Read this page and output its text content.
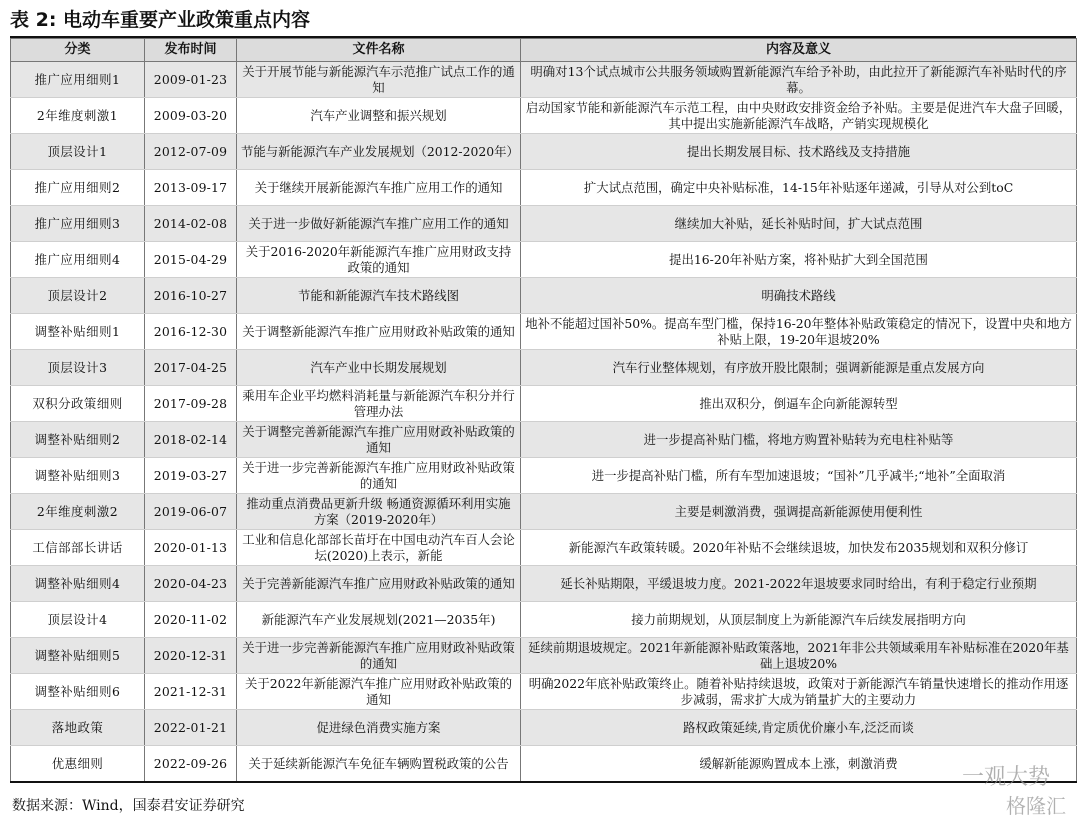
表 2: 电动车重要产业政策重点内容
分类	发布时间	文件名称	内容及意义
推广应用细则1	2009-01-23	关于开展节能与新能源汽车示范推广试点工作的通知	明确对13个试点城市公共服务领域购置新能源汽车给予补助，由此拉开了新能源汽车补贴时代的序幕。
2年维度刺激1	2009-03-20	汽车产业调整和振兴规划	启动国家节能和新能源汽车示范工程，由中央财政安排资金给予补贴。主要是促进汽车大盘子回暖，其中提出实施新能源汽车战略，产销实现规模化
顶层设计1	2012-07-09	节能与新能源汽车产业发展规划（2012-2020年）	提出长期发展目标、技术路线及支持措施
推广应用细则2	2013-09-17	关于继续开展新能源汽车推广应用工作的通知	扩大试点范围，确定中央补贴标准，14-15年补贴逐年递减，引导从对公到toC
推广应用细则3	2014-02-08	关于进一步做好新能源汽车推广应用工作的通知	继续加大补贴，延长补贴时间，扩大试点范围
推广应用细则4	2015-04-29	关于2016-2020年新能源汽车推广应用财政支持政策的通知	提出16-20年补贴方案，将补贴扩大到全国范围
顶层设计2	2016-10-27	节能和新能源汽车技术路线图	明确技术路线
调整补贴细则1	2016-12-30	关于调整新能源汽车推广应用财政补贴政策的通知	地补不能超过国补50%。提高车型门槛，保持16-20年整体补贴政策稳定的情况下，设置中央和地方补贴上限，19-20年退坡20%
顶层设计3	2017-04-25	汽车产业中长期发展规划	汽车行业整体规划，有序放开股比限制；强调新能源是重点发展方向
双积分政策细则	2017-09-28	乘用车企业平均燃料消耗量与新能源汽车积分并行管理办法	推出双积分，倒逼车企向新能源转型
调整补贴细则2	2018-02-14	关于调整完善新能源汽车推广应用财政补贴政策的通知	进一步提高补贴门槛，将地方购置补贴转为充电柱补贴等
调整补贴细则3	2019-03-27	关于进一步完善新能源汽车推广应用财政补贴政策的通知	进一步提高补贴门槛，所有车型加速退坡；“国补”几乎减半;“地补”全面取消
2年维度刺激2	2019-06-07	推动重点消费品更新升级 畅通资源循环利用实施方案（2019-2020年）	主要是刺激消费，强调提高新能源使用便利性
工信部部长讲话	2020-01-13	工业和信息化部部长苗圩在中国电动汽车百人会论坛(2020)上表示，新能	新能源汽车政策转暖。2020年补贴不会继续退坡，加快发布2035规划和双积分修订
调整补贴细则4	2020-04-23	关于完善新能源汽车推广应用财政补贴政策的通知	延长补贴期限，平缓退坡力度。2021-2022年退坡要求同时给出，有利于稳定行业预期
顶层设计4	2020-11-02	新能源汽车产业发展规划(2021—2035年)	接力前期规划，从顶层制度上为新能源汽车后续发展指明方向
调整补贴细则5	2020-12-31	关于进一步完善新能源汽车推广应用财政补贴政策的通知	延续前期退坡规定。2021年新能源补贴政策落地，2021年非公共领域乘用车补贴标准在2020年基础上退坡20%
调整补贴细则6	2021-12-31	关于2022年新能源汽车推广应用财政补贴政策的通知	明确2022年底补贴政策终止。随着补贴持续退坡，政策对于新能源汽车销量快速增长的推动作用逐步减弱，需求扩大成为销量扩大的主要动力
落地政策	2022-01-21	促进绿色消费实施方案	路权政策延续,肯定质优价廉小车,泛泛而谈
优惠细则	2022-09-26	关于延续新能源汽车免征车辆购置税政策的公告	缓解新能源购置成本上涨，刺激消费
数据来源：Wind，国泰君安证券研究
一观大势
格隆汇
